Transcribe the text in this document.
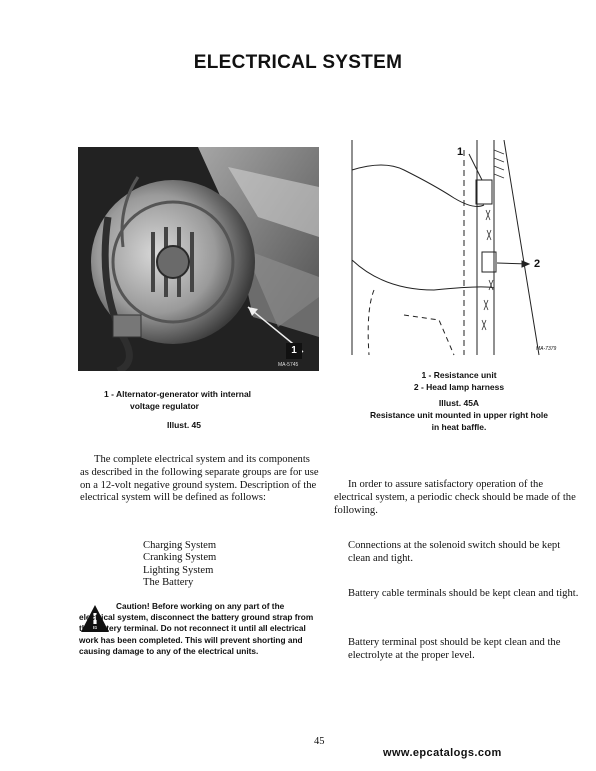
ELECTRICAL SYSTEM
1
MA-5745
1 - Alternator-generator with internal
voltage regulator
Illust. 45
1
2
MA-7379
1 - Resistance unit
2 - Head lamp harness
Illust. 45A
Resistance unit mounted in upper right hole
in heat baffle.
The complete electrical system and its components as described in the following separate groups are for use on a 12-volt negative ground system. Description of the electrical system will be defined as follows:
Charging System
Cranking System
Lighting System
The Battery
Caution! Before working on any part of the electrical system, disconnect the battery ground strap from the battery terminal. Do not reconnect it until all electrical work has been completed. This will prevent shorting and causing damage to any of the electrical units.
In order to assure satisfactory operation of the electrical system, a periodic check should be made of the following.
Connections at the solenoid switch should be kept clean and tight.
Battery cable terminals should be kept clean and tight.
Battery terminal post should be kept clean and the electrolyte at the proper level.
45
www.epcatalogs.com
